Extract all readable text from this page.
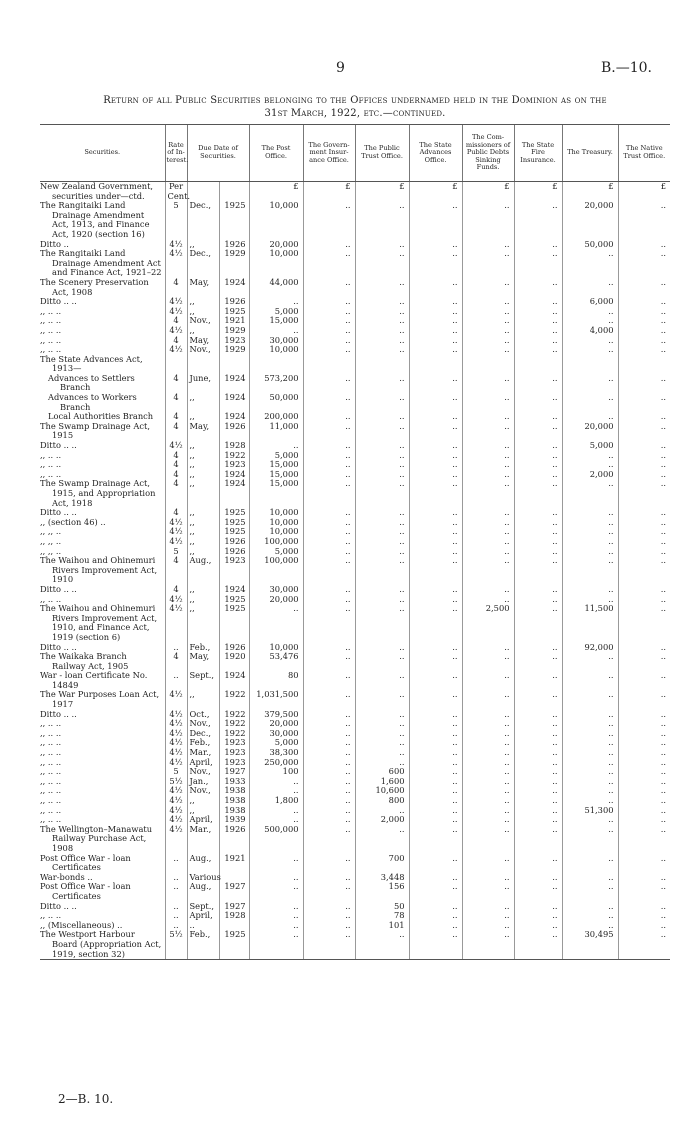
9	B.—10.
Return of all Public Securities belonging to the Offices undernamed held in the Dominion as on the
31st March, 1922, etc.—continued.
Securities.	Rate of In-terest.	Due Date of Securities.		The Post Office.	The Govern-ment Insur-ance Office.	The Public Trust Office.	The State Advances Office.	The Com-missioners of Public Debts Sinking Funds.	The State Fire Insurance.	The Treasury.	The Native Trust Office.

New Zealand Government, securities under—ctd.	Per Cent.			£	£	£	£	£	£	£	£

The Rangitaiki Land Drainage Amendment Act, 1913, and Finance Act, 1920 (section 16)	5	Dec.,	1925	10,000	..	..	..	..	..	20,000	..

Ditto ..	4½	,,	1926	20,000	..	..	..	..	..	50,000	..

The Rangitaiki Land Drainage Amendment Act and Finance Act, 1921–22	4½	Dec.,	1929	10,000	..	..	..	..	..	..	..

The Scenery Preservation Act, 1908	4	May,	1924	44,000	..	..	..	..	..	..	..

Ditto .. ..	4½	,,	1926	..	..	..	..	..	..	6,000	..

,, .. ..	4½	,,	1925	5,000	..	..	..	..	..	..	..

,, .. ..	4	Nov.,	1921	15,000	..	..	..	..	..	..	..

,, .. ..	4½	,,	1929	..	..	..	..	..	..	4,000	..

,, .. ..	4	May,	1923	30,000	..	..	..	..	..	..	..

,, .. ..	4½	Nov.,	1929	10,000	..	..	..	..	..	..	..

The State Advances Act, 1913—											

Advances to Settlers Branch	4	June,	1924	573,200	..	..	..	..	..	..	..

Advances to Workers Branch	4	,,	1924	50,000	..	..	..	..	..	..	..

Local Authorities Branch	4	,,	1924	200,000	..	..	..	..	..	..	..

The Swamp Drainage Act, 1915	4	May,	1926	11,000	..	..	..	..	..	20,000	..

Ditto .. ..	4½	,,	1928	..	..	..	..	..	..	5,000	..

,, .. ..	4	,,	1922	5,000	..	..	..	..	..	..	..

,, .. ..	4	,,	1923	15,000	..	..	..	..	..	..	..

,, .. ..	4	,,	1924	15,000	..	..	..	..	..	2,000	..

The Swamp Drainage Act, 1915, and Appropriation Act, 1918	4	,,	1924	15,000	..	..	..	..	..	..	..

Ditto .. ..	4	,,	1925	10,000	..	..	..	..	..	..	..

,, (section 46) ..	4½	,,	1925	10,000	..	..	..	..	..	..	..

,, ,, ..	4½	,,	1925	10,000	..	..	..	..	..	..	..

,, ,, ..	4½	,,	1926	100,000	..	..	..	..	..	..	..

,, ,, ..	5	,,	1926	5,000	..	..	..	..	..	..	..

The Waihou and Ohinemuri Rivers Improvement Act, 1910	4	Aug.,	1923	100,000	..	..	..	..	..	..	..

Ditto .. ..	4	,,	1924	30,000	..	..	..	..	..	..	..

,, .. ..	4½	,,	1925	20,000	..	..	..	..	..	..	..

The Waihou and Ohinemuri Rivers Improvement Act, 1910, and Finance Act, 1919 (section 6)	4½	,,	1925	..	..	..	..	2,500	..	11,500	..

Ditto .. ..	..	Feb.,	1926	10,000	..	..	..	..	..	92,000	..

The Waikaka Branch Railway Act, 1905	4	May,	1920	53,476	..	..	..	..	..	..	..

War - loan Certificate No. 14849	..	Sept.,	1924	80	..	..	..	..	..	..	..

The War Purposes Loan Act, 1917	4½	,,	1922	1,031,500	..	..	..	..	..	..	..

Ditto .. ..	4½	Oct.,	1922	379,500	..	..	..	..	..	..	..

,, .. ..	4½	Nov.,	1922	20,000	..	..	..	..	..	..	..

,, .. ..	4½	Dec.,	1922	30,000	..	..	..	..	..	..	..

,, .. ..	4½	Feb.,	1923	5,000	..	..	..	..	..	..	..

,, .. ..	4½	Mar.,	1923	38,300	..	..	..	..	..	..	..

,, .. ..	4½	April,	1923	250,000	..	..	..	..	..	..	..

,, .. ..	5	Nov.,	1927	100	..	600	..	..	..	..	..

,, .. ..	5½	Jan.,	1933	..	..	1,600	..	..	..	..	..

,, .. ..	4½	Nov.,	1938	..	..	10,600	..	..	..	..	..

,, .. ..	4½	,,	1938	1,800	..	800	..	..	..	..	..

,, .. ..	4½	,,	1938	..	..	..	..	..	..	51,300	..

,, .. ..	4½	April,	1939	..	..	2,000	..	..	..	..	..

The Wellington–Manawatu Railway Purchase Act, 1908	4½	Mar.,	1926	500,000	..	..	..	..	..	..	..

Post Office War - loan Certificates	..	Aug.,	1921	..	..	700	..	..	..	..	..

War-bonds ..	..	Various		..	..	3,448	..	..	..	..	..

Post Office War - loan Certificates	..	Aug.,	1927	..	..	156	..	..	..	..	..

Ditto .. ..	..	Sept.,	1927	..	..	50	..	..	..	..	..

,, .. ..	..	April,	1928	..	..	78	..	..	..	..	..

,, (Miscellaneous) ..	..	..		..	..	101	..	..	..	..	..

The Westport Harbour Board (Appropriation Act, 1919, section 32)	5½	Feb.,	1925	..	..	..	..	..	..	30,495	..
2—B. 10.
